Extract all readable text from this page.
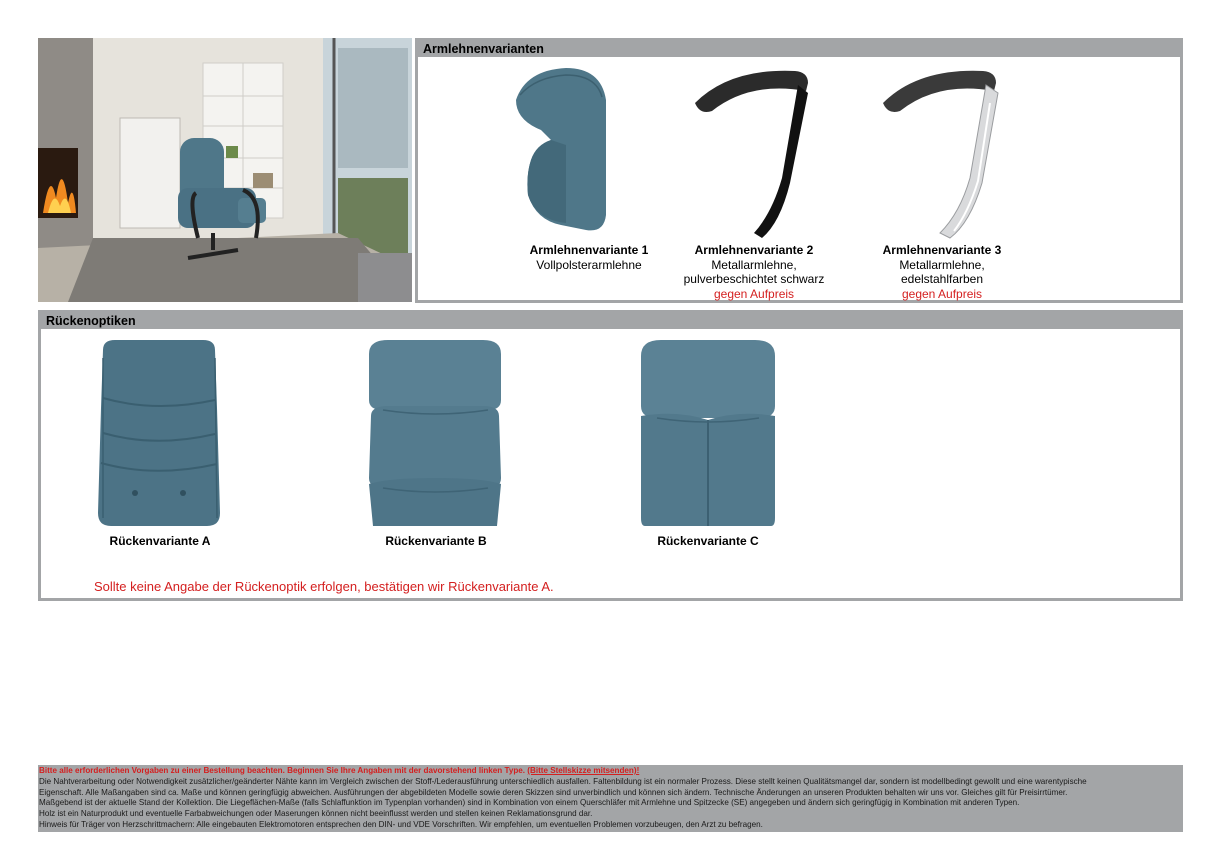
Armlehnenvarianten
Armlehnenvariante 1
Vollpolsterarmlehne
Armlehnenvariante 2
Metallarmlehne,
pulverbeschichtet schwarz
gegen Aufpreis
Armlehnenvariante 3
Metallarmlehne,
edelstahlfarben
gegen Aufpreis
Rückenoptiken
Rückenvariante A	Rückenvariante B	Rückenvariante C
Sollte keine Angabe der Rückenoptik erfolgen, bestätigen wir Rückenvariante A.

Bitte alle erforderlichen Vorgaben zu einer Bestellung beachten. Beginnen Sie Ihre Angaben mit der davorstehend linken Type. (Bitte Stellskizze mitsenden)!

Die Nahtverarbeitung oder Notwendigkeit zusätzlicher/geänderter Nähte kann im Vergleich zwischen der Stoff-/Lederausführung unterschiedlich ausfallen. Faltenbildung ist ein normaler Prozess. Diese stellt keinen Qualitätsmangel dar, sondern ist modellbedingt gewollt und eine warentypische

Eigenschaft. Alle Maßangaben sind ca. Maße und können geringfügig abweichen. Ausführungen der abgebildeten Modelle sowie deren Skizzen sind unverbindlich und können sich ändern. Technische Änderungen an unseren Produkten behalten wir uns vor. Gleiches gilt für Preisirrtümer.

Maßgebend ist der aktuelle Stand der Kollektion. Die Liegeflächen-Maße (falls Schlaffunktion im Typenplan vorhanden) sind in Kombination von einem Querschläfer mit Armlehne und Spitzecke (SE) angegeben und ändern sich geringfügig in Kombination mit anderen Typen.

Holz ist ein Naturprodukt und eventuelle Farbabweichungen oder Maserungen können nicht beeinflusst werden und stellen keinen Reklamationsgrund dar.

Hinweis für Träger von Herzschrittmachern: Alle eingebauten Elektromotoren entsprechen den DIN- und VDE Vorschriften. Wir empfehlen, um eventuellen Problemen vorzubeugen, den Arzt zu befragen.
